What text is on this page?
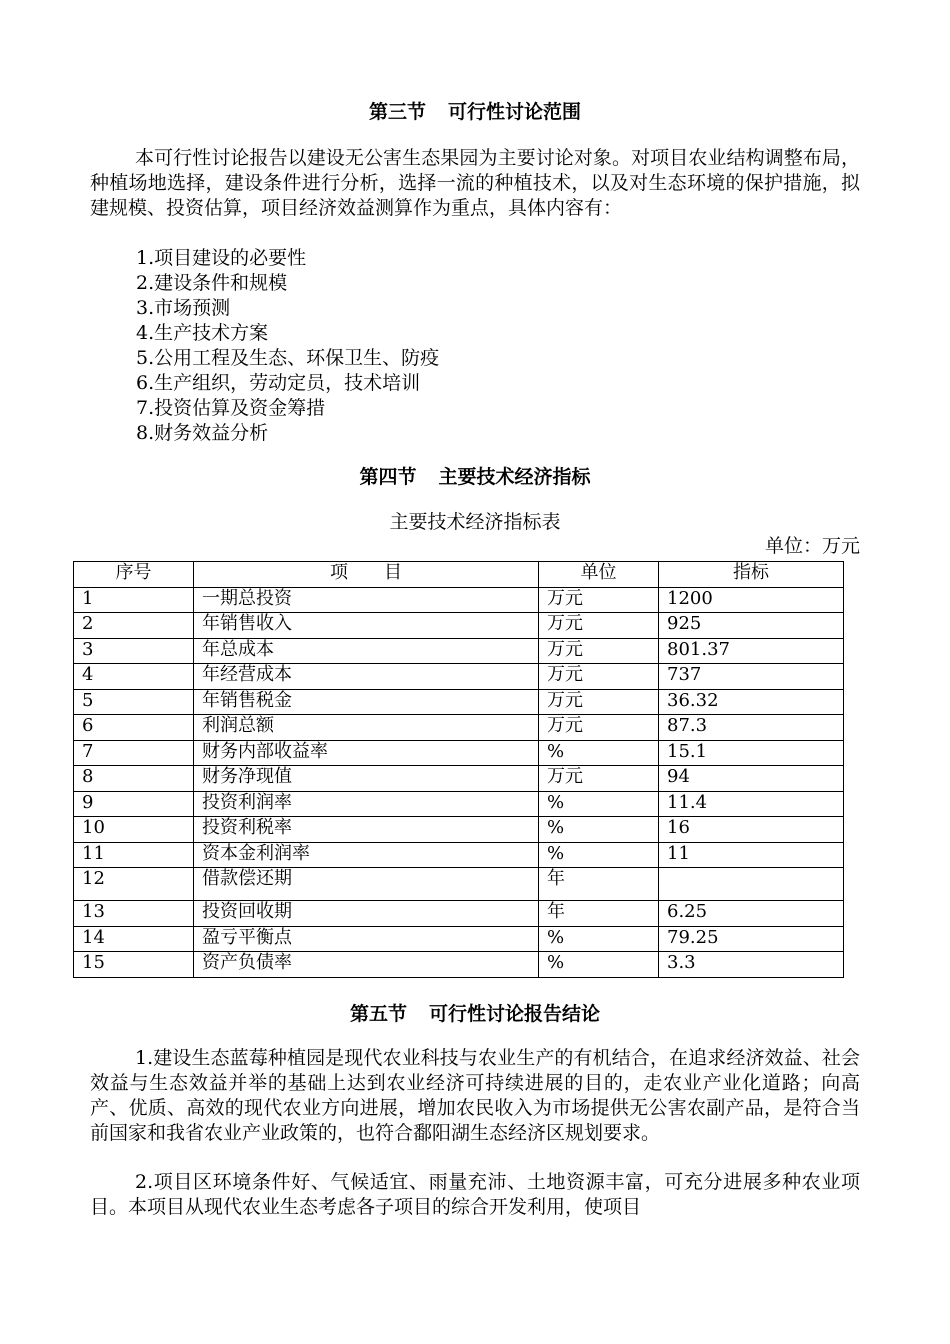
第三节 可行性讨论范围
本可行性讨论报告以建设无公害生态果园为主要讨论对象。对项目农业结构调整布局，种植场地选择，建设条件进行分析，选择一流的种植技术，以及对生态环境的保护措施，拟建规模、投资估算，项目经济效益测算作为重点，具体内容有：
1.项目建设的必要性
2.建设条件和规模
3.市场预测
4.生产技术方案
5.公用工程及生态、环保卫生、防疫
6.生产组织，劳动定员，技术培训
7.投资估算及资金筹措
8.财务效益分析
第四节 主要技术经济指标
主要技术经济指标表
单位：万元
序号	项　　目	单位	指标
1	一期总投资	万元	1200
2	年销售收入	万元	925
3	年总成本	万元	801.37
4	年经营成本	万元	737
5	年销售税金	万元	36.32
6	利润总额	万元	87.3
7	财务内部收益率	%	15.1
8	财务净现值	万元	94
9	投资利润率	%	11.4
10	投资利税率	%	16
11	资本金利润率	%	11
12	借款偿还期	年	
13	投资回收期	年	6.25
14	盈亏平衡点	%	79.25
15	资产负债率	%	3.3
第五节 可行性讨论报告结论
1.建设生态蓝莓种植园是现代农业科技与农业生产的有机结合，在追求经济效益、社会效益与生态效益并举的基础上达到农业经济可持续进展的目的，走农业产业化道路；向高产、优质、高效的现代农业方向进展，增加农民收入为市场提供无公害农副产品，是符合当前国家和我省农业产业政策的，也符合鄱阳湖生态经济区规划要求。
2.项目区环境条件好、气候适宜、雨量充沛、土地资源丰富，可充分进展多种农业项目。本项目从现代农业生态考虑各子项目的综合开发利用，使项目
